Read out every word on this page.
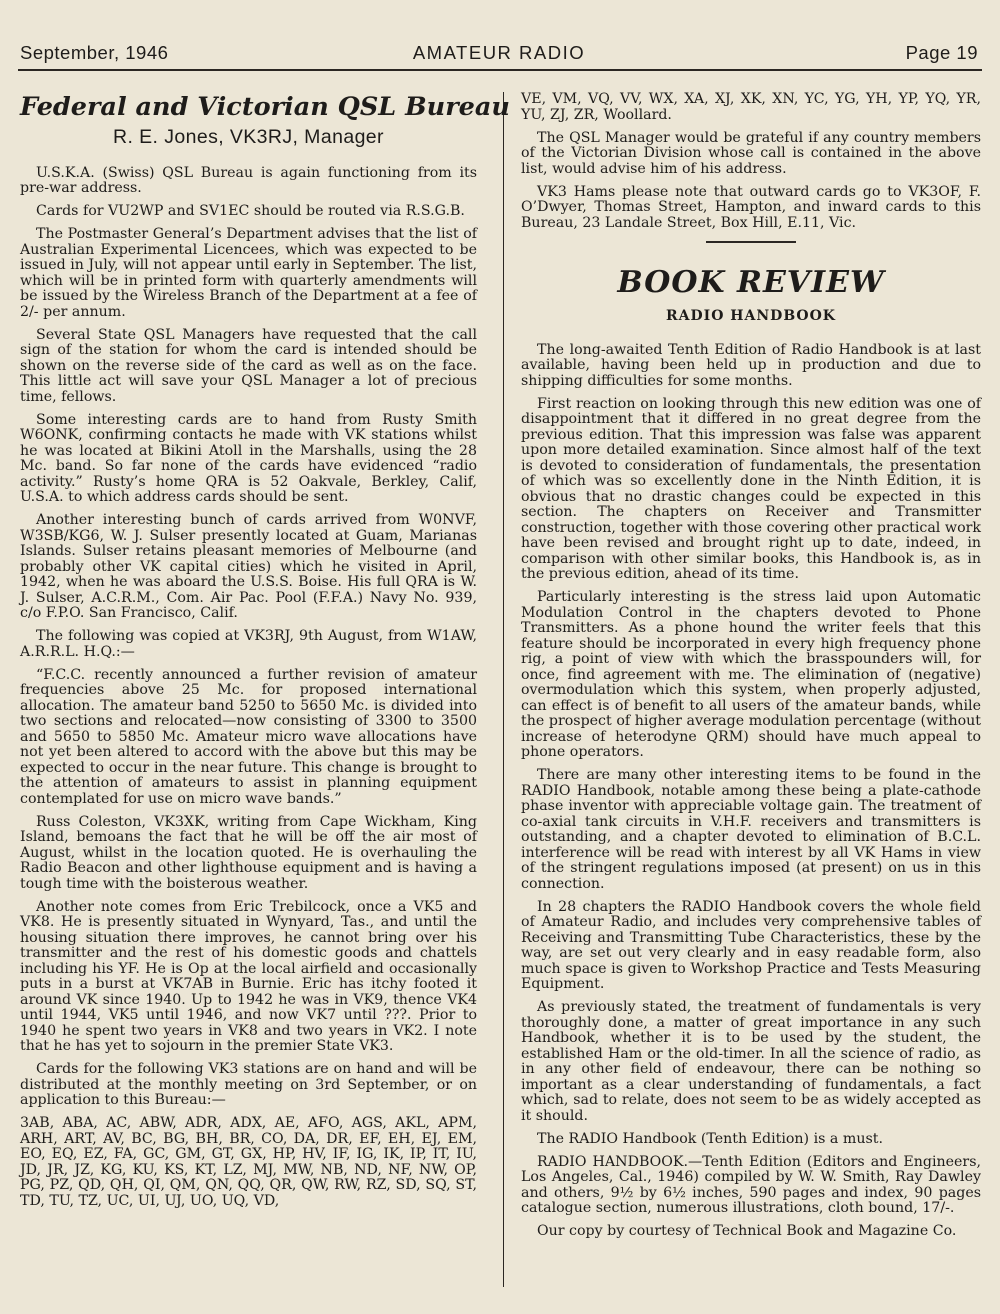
September, 1946	AMATEUR RADIO	Page 19
Federal and Victorian QSL Bureau
R. E. Jones, VK3RJ, Manager

U.S.K.A. (Swiss) QSL Bureau is again functioning from its pre-war address.

Cards for VU2WP and SV1EC should be routed via R.S.G.B.

The Postmaster General’s Department advises that the list of Australian Experimental Licencees, which was expected to be issued in July, will not appear until early in September. The list, which will be in printed form with quarterly amendments will be issued by the Wireless Branch of the Department at a fee of 2/- per annum.

Several State QSL Managers have requested that the call sign of the station for whom the card is intended should be shown on the reverse side of the card as well as on the face. This little act will save your QSL Manager a lot of precious time, fellows.

Some interesting cards are to hand from Rusty Smith W6ONK, confirming contacts he made with VK stations whilst he was located at Bikini Atoll in the Marshalls, using the 28 Mc. band. So far none of the cards have evidenced “radio activity.” Rusty’s home QRA is 52 Oakvale, Berkley, Calif, U.S.A. to which address cards should be sent.

Another interesting bunch of cards arrived from W0NVF, W3SB/KG6, W. J. Sulser presently located at Guam, Marianas Islands. Sulser retains pleasant memories of Melbourne (and probably other VK capital cities) which he visited in April, 1942, when he was aboard the U.S.S. Boise. His full QRA is W. J. Sulser, A.C.R.M., Com. Air Pac. Pool (F.F.A.) Navy No. 939, c/o F.P.O. San Francisco, Calif.

The following was copied at VK3RJ, 9th August, from W1AW, A.R.R.L. H.Q.:—

“F.C.C. recently announced a further revision of amateur frequencies above 25 Mc. for proposed international allocation. The amateur band 5250 to 5650 Mc. is divided into two sections and relocated—now consisting of 3300 to 3500 and 5650 to 5850 Mc. Amateur micro wave allocations have not yet been altered to accord with the above but this may be expected to occur in the near future. This change is brought to the attention of amateurs to assist in planning equipment contemplated for use on micro wave bands.”

Russ Coleston, VK3XK, writing from Cape Wickham, King Island, bemoans the fact that he will be off the air most of August, whilst in the location quoted. He is overhauling the Radio Beacon and other lighthouse equipment and is having a tough time with the boisterous weather.

Another note comes from Eric Trebilcock, once a VK5 and VK8. He is presently situated in Wynyard, Tas., and until the housing situation there improves, he cannot bring over his transmitter and the rest of his domestic goods and chattels including his YF. He is Op at the local airfield and occasionally puts in a burst at VK7AB in Burnie. Eric has itchy footed it around VK since 1940. Up to 1942 he was in VK9, thence VK4 until 1944, VK5 until 1946, and now VK7 until ???. Prior to 1940 he spent two years in VK8 and two years in VK2. I note that he has yet to sojourn in the premier State VK3.

Cards for the following VK3 stations are on hand and will be distributed at the monthly meeting on 3rd September, or on application to this Bureau:—

3AB, ABA, AC, ABW, ADR, ADX, AE, AFO, AGS, AKL, APM, ARH, ART, AV, BC, BG, BH, BR, CO, DA, DR, EF, EH, EJ, EM, EO, EQ, EZ, FA, GC, GM, GT, GX, HP, HV, IF, IG, IK, IP, IT, IU, JD, JR, JZ, KG, KU, KS, KT, LZ, MJ, MW, NB, ND, NF, NW, OP, PG, PZ, QD, QH, QI, QM, QN, QQ, QR, QW, RW, RZ, SD, SQ, ST, TD, TU, TZ, UC, UI, UJ, UO, UQ, VD,

VE, VM, VQ, VV, WX, XA, XJ, XK, XN, YC, YG, YH, YP, YQ, YR, YU, ZJ, ZR, Woollard.

The QSL Manager would be grateful if any country members of the Victorian Division whose call is contained in the above list, would advise him of his address.

VK3 Hams please note that outward cards go to VK3OF, F. O’Dwyer, Thomas Street, Hampton, and inward cards to this Bureau, 23 Landale Street, Box Hill, E.11, Vic.

BOOK REVIEW
RADIO HANDBOOK

The long-awaited Tenth Edition of Radio Handbook is at last available, having been held up in production and due to shipping difficulties for some months.

First reaction on looking through this new edition was one of disappointment that it differed in no great degree from the previous edition. That this impression was false was apparent upon more detailed examination. Since almost half of the text is devoted to consideration of fundamentals, the presentation of which was so excellently done in the Ninth Edition, it is obvious that no drastic changes could be expected in this section. The chapters on Receiver and Transmitter construction, together with those covering other practical work have been revised and brought right up to date, indeed, in comparison with other similar books, this Handbook is, as in the previous edition, ahead of its time.

Particularly interesting is the stress laid upon Automatic Modulation Control in the chapters devoted to Phone Transmitters. As a phone hound the writer feels that this feature should be incorporated in every high frequency phone rig, a point of view with which the brasspounders will, for once, find agreement with me. The elimination of (negative) overmodulation which this system, when properly adjusted, can effect is of benefit to all users of the amateur bands, while the prospect of higher average modulation percentage (without increase of heterodyne QRM) should have much appeal to phone operators.

There are many other interesting items to be found in the RADIO Handbook, notable among these being a plate-cathode phase inventor with appreciable voltage gain. The treatment of co-axial tank circuits in V.H.F. receivers and transmitters is outstanding, and a chapter devoted to elimination of B.C.L. interference will be read with interest by all VK Hams in view of the stringent regulations imposed (at present) on us in this connection.

In 28 chapters the RADIO Handbook covers the whole field of Amateur Radio, and includes very comprehensive tables of Receiving and Transmitting Tube Characteristics, these by the way, are set out very clearly and in easy readable form, also much space is given to Workshop Practice and Tests Measuring Equipment.

As previously stated, the treatment of fundamentals is very thoroughly done, a matter of great importance in any such Handbook, whether it is to be used by the student, the established Ham or the old-timer. In all the science of radio, as in any other field of endeavour, there can be nothing so important as a clear understanding of fundamentals, a fact which, sad to relate, does not seem to be as widely accepted as it should.

The RADIO Handbook (Tenth Edition) is a must.

RADIO HANDBOOK.—Tenth Edition (Editors and Engineers, Los Angeles, Cal., 1946) compiled by W. W. Smith, Ray Dawley and others, 9½ by 6½ inches, 590 pages and index, 90 pages catalogue section, numerous illustrations, cloth bound, 17/-.

Our copy by courtesy of Technical Book and Magazine Co.
